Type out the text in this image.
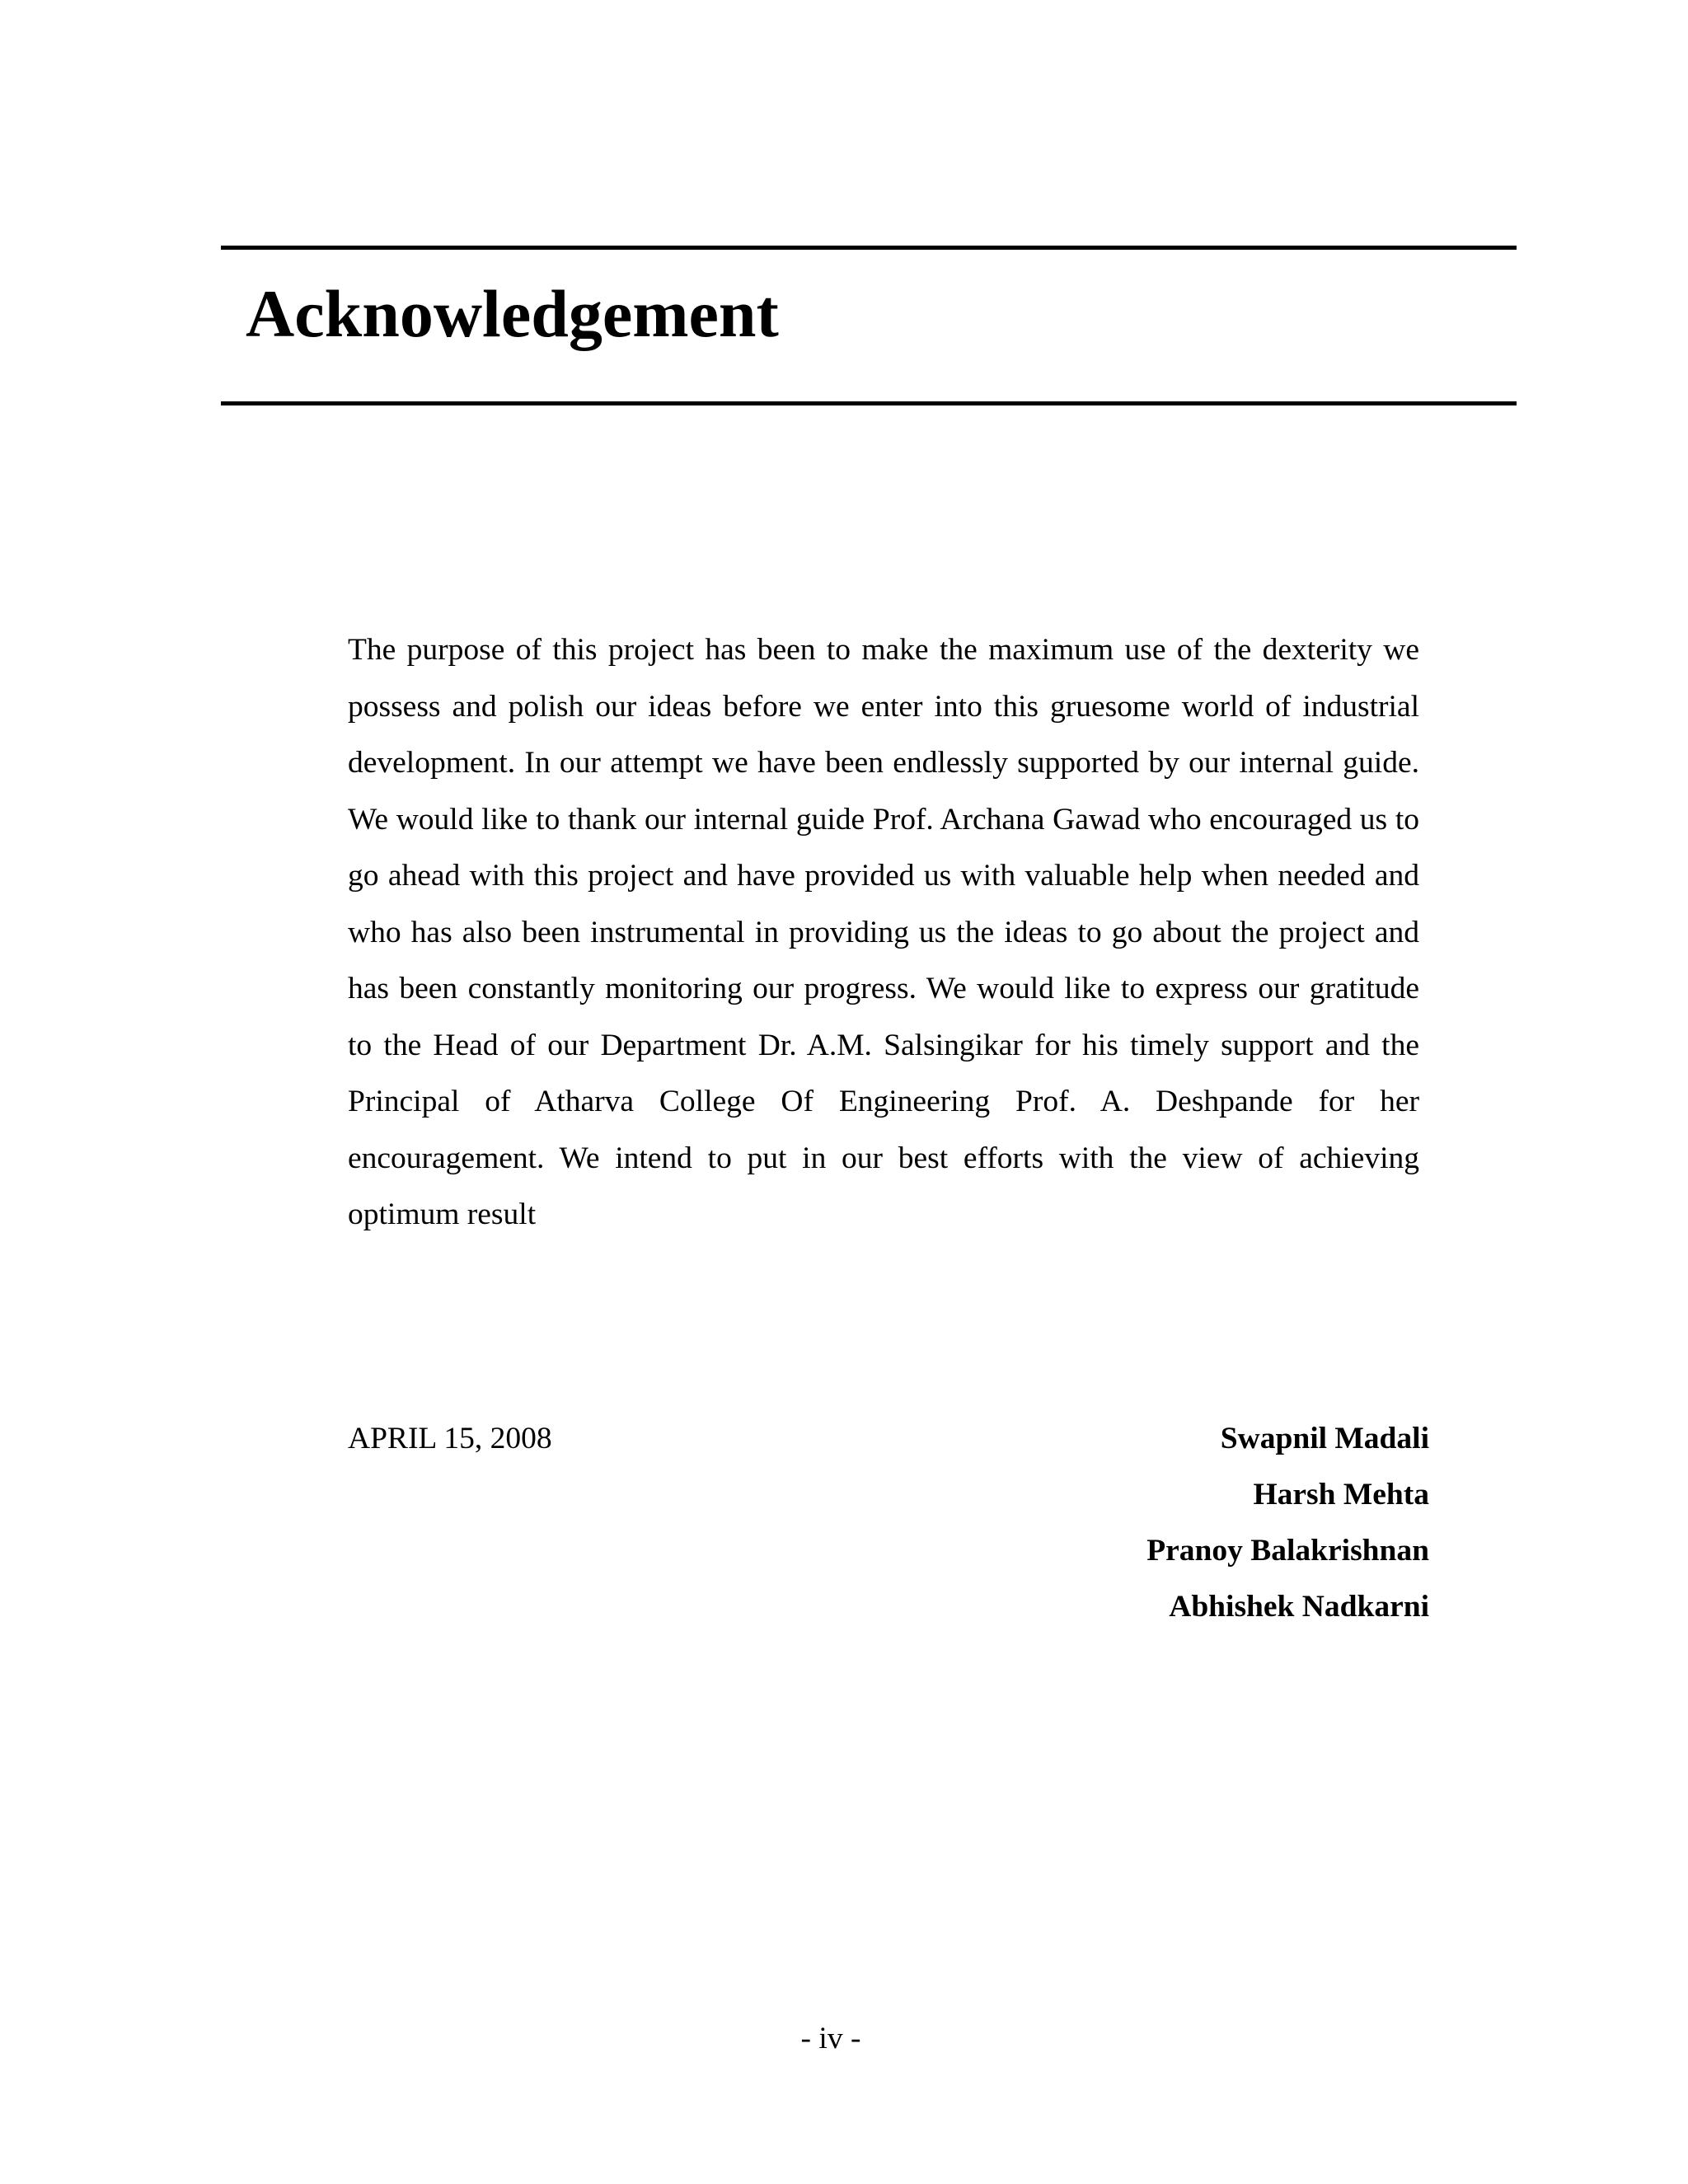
Acknowledgement

The purpose of this project has been to make the maximum use of the dexterity we possess and polish our ideas before we enter into this gruesome world of industrial development. In our attempt we have been endlessly supported by our internal guide. We would like to thank our internal guide Prof. Archana Gawad who encouraged us to go ahead with this project and have provided us with valuable help when needed and who has also been instrumental in providing us the ideas to go about the project and has been constantly monitoring our progress. We would like to express our gratitude to the Head of our Department Dr. A.M. Salsingikar for his timely support and the Principal of Atharva College Of Engineering Prof. A. Deshpande for her encouragement. We intend to put in our best efforts with the view of achieving optimum result

APRIL 15, 2008	Swapnil Madali
Harsh Mehta
Pranoy Balakrishnan
Abhishek Nadkarni
- iv -
